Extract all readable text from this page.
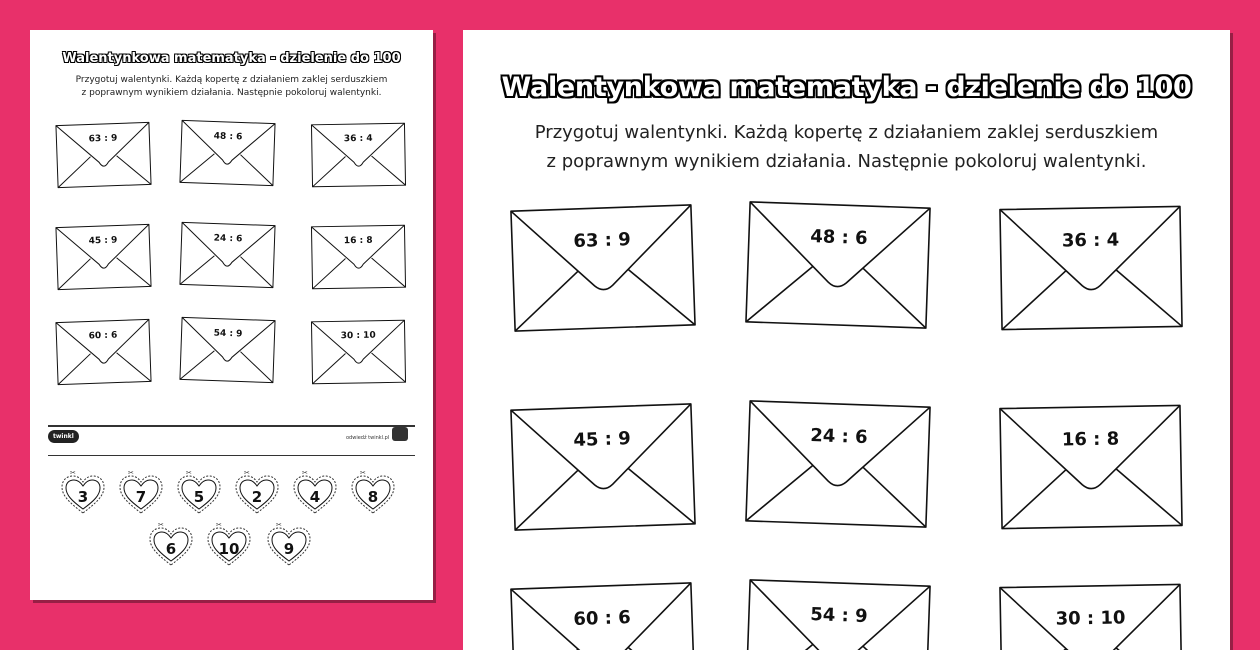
Walentynkowa matematyka - dzielenie do 100
Przygotuj walentynki. Każdą kopertę z działaniem zaklej serduszkiem
z poprawnym wynikiem działania. Następnie pokoloruj walentynki.
63 : 9	48 : 6	36 : 4
45 : 9	24 : 6	16 : 8
60 : 6	54 : 9	30 : 10
twinkl	odwiedź twinkl.pl
✂
3
✂
7
✂
5
✂
2
✂
4
✂
8
✂
6
✂
10
✂
9
Walentynkowa matematyka - dzielenie do 100
Przygotuj walentynki. Każdą kopertę z działaniem zaklej serduszkiem
z poprawnym wynikiem działania. Następnie pokoloruj walentynki.
63 : 9	48 : 6	36 : 4
45 : 9	24 : 6	16 : 8
60 : 6	54 : 9	30 : 10
